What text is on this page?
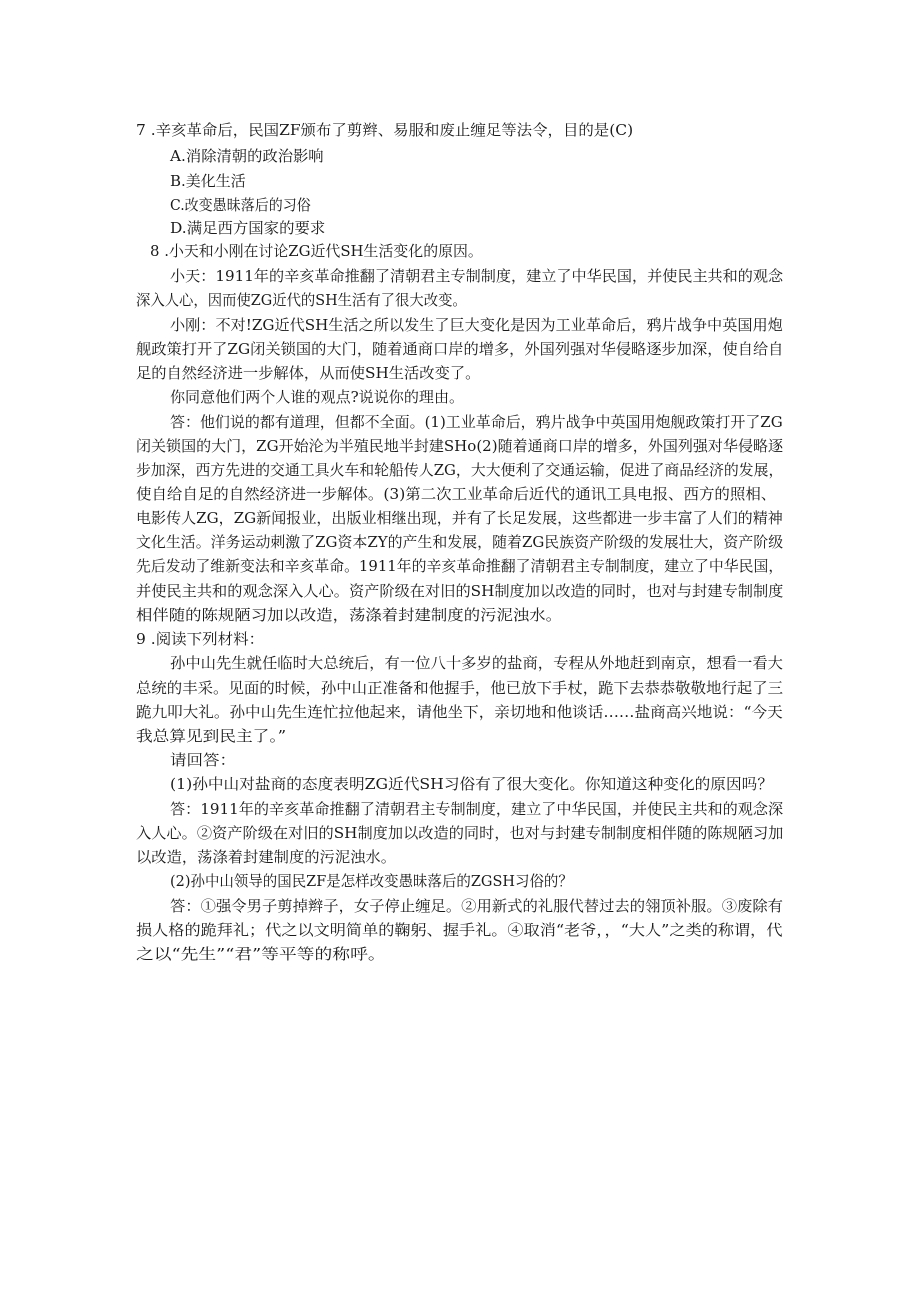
7 .辛亥革命后，民国ZF颁布了剪辫、易服和废止缠足等法令，目的是(C)
A.消除清朝的政治影响
B.美化生活
C.改变愚昧落后的习俗
D.满足西方国家的要求
8 .小天和小刚在讨论ZG近代SH生活变化的原因。
小天：1911年的辛亥革命推翻了清朝君主专制制度，建立了中华民国，并使民主共和的观念
深入人心，因而使ZG近代的SH生活有了很大改变。
小刚：不对!ZG近代SH生活之所以发生了巨大变化是因为工业革命后，鸦片战争中英国用炮
舰政策打开了ZG闭关锁国的大门，随着通商口岸的增多，外国列强对华侵略逐步加深，使自给自
足的自然经济进一步解体，从而使SH生活改变了。
你同意他们两个人谁的观点?说说你的理由。
答：他们说的都有道理，但都不全面。(1)工业革命后，鸦片战争中英国用炮舰政策打开了ZG
闭关锁国的大门，ZG开始沦为半殖民地半封建SHo(2)随着通商口岸的增多，外国列强对华侵略逐
步加深，西方先进的交通工具火车和轮船传人ZG，大大便利了交通运输，促进了商品经济的发展，
使自给自足的自然经济进一步解体。(3)第二次工业革命后近代的通讯工具电报、西方的照相、
电影传人ZG，ZG新闻报业，出版业相继出现，并有了长足发展，这些都进一步丰富了人们的精神
文化生活。洋务运动刺激了ZG资本ZY的产生和发展，随着ZG民族资产阶级的发展壮大，资产阶级
先后发动了维新变法和辛亥革命。1911年的辛亥革命推翻了清朝君主专制制度，建立了中华民国，
并使民主共和的观念深入人心。资产阶级在对旧的SH制度加以改造的同时，也对与封建专制制度
相伴随的陈规陋习加以改造，荡涤着封建制度的污泥浊水。
9 .阅读下列材料：
孙中山先生就任临时大总统后，有一位八十多岁的盐商，专程从外地赶到南京，想看一看大
总统的丰采。见面的时候，孙中山正准备和他握手，他已放下手杖，跪下去恭恭敬敬地行起了三
跪九叩大礼。孙中山先生连忙拉他起来，请他坐下，亲切地和他谈话……盐商高兴地说：“今天
我总算见到民主了。”
请回答：
(1)孙中山对盐商的态度表明ZG近代SH习俗有了很大变化。你知道这种变化的原因吗？
答：1911年的辛亥革命推翻了清朝君主专制制度，建立了中华民国，并使民主共和的观念深
入人心。②资产阶级在对旧的SH制度加以改造的同时，也对与封建专制制度相伴随的陈规陋习加
以改造，荡涤着封建制度的污泥浊水。
(2)孙中山领导的国民ZF是怎样改变愚昧落后的ZGSH习俗的？
答：①强令男子剪掉辫子，女子停止缠足。②用新式的礼服代替过去的翎顶补服。③废除有
损人格的跪拜礼；代之以文明简单的鞠躬、握手礼。④取消“老爷，，“大人”之类的称谓，代
之以“先生”“君”等平等的称呼。
